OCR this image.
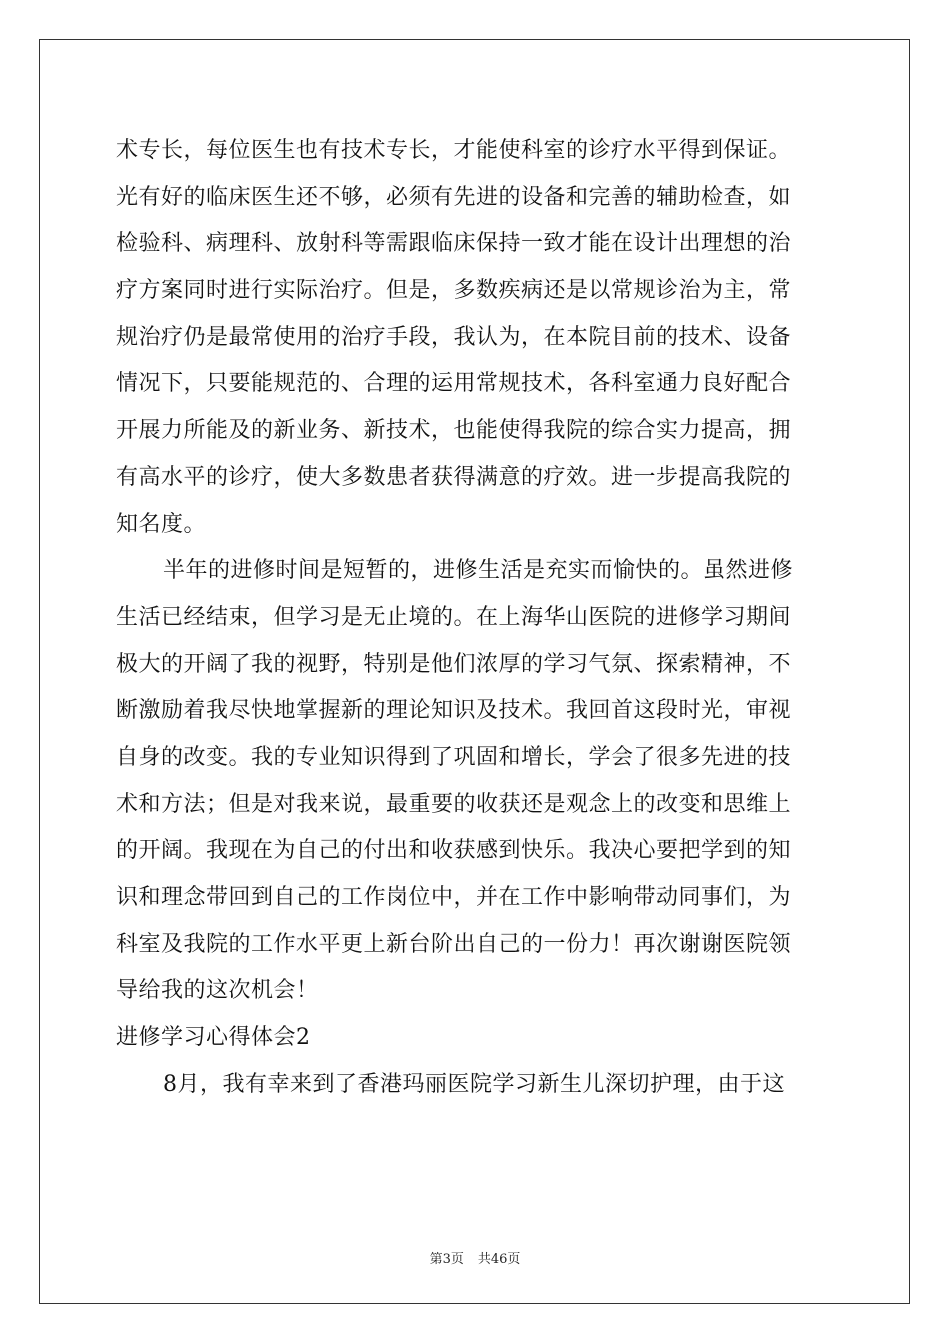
术专长，每位医生也有技术专长，才能使科室的诊疗水平得到保证。
光有好的临床医生还不够，必须有先进的设备和完善的辅助检查，如
检验科、病理科、放射科等需跟临床保持一致才能在设计出理想的治
疗方案同时进行实际治疗。但是，多数疾病还是以常规诊治为主，常
规治疗仍是最常使用的治疗手段，我认为，在本院目前的技术、设备
情况下，只要能规范的、合理的运用常规技术，各科室通力良好配合
开展力所能及的新业务、新技术，也能使得我院的综合实力提高，拥
有高水平的诊疗，使大多数患者获得满意的疗效。进一步提高我院的
知名度。
半年的进修时间是短暂的，进修生活是充实而愉快的。虽然进修
生活已经结束，但学习是无止境的。在上海华山医院的进修学习期间
极大的开阔了我的视野，特别是他们浓厚的学习气氛、探索精神，不
断激励着我尽快地掌握新的理论知识及技术。我回首这段时光，审视
自身的改变。我的专业知识得到了巩固和增长，学会了很多先进的技
术和方法；但是对我来说，最重要的收获还是观念上的改变和思维上
的开阔。我现在为自己的付出和收获感到快乐。我决心要把学到的知
识和理念带回到自己的工作岗位中，并在工作中影响带动同事们，为
科室及我院的工作水平更上新台阶出自己的一份力！再次谢谢医院领
导给我的这次机会！
进修学习心得体会2
8月，我有幸来到了香港玛丽医院学习新生儿深切护理，由于这
第3页 共46页
